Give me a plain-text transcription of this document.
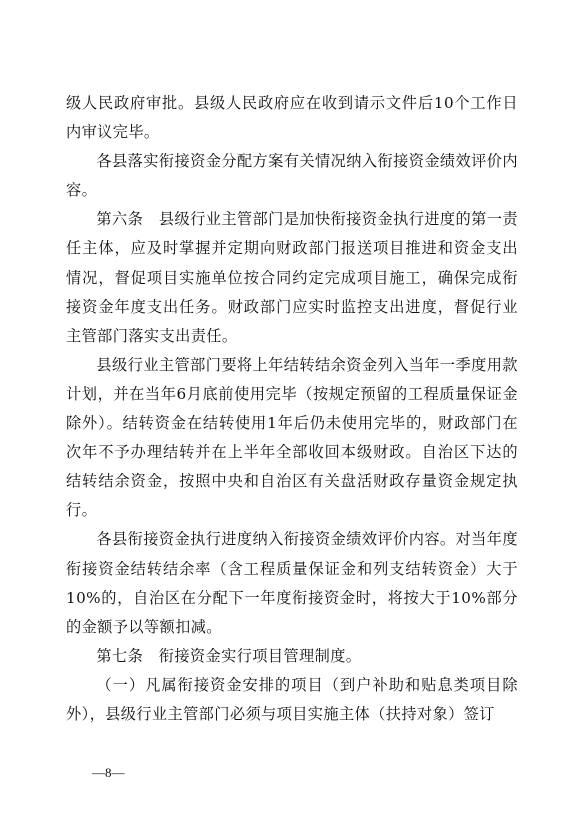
级人民政府审批。县级人民政府应在收到请示文件后10个工作日内审议完毕。

各县落实衔接资金分配方案有关情况纳入衔接资金绩效评价内容。

第六条　县级行业主管部门是加快衔接资金执行进度的第一责任主体，应及时掌握并定期向财政部门报送项目推进和资金支出情况，督促项目实施单位按合同约定完成项目施工，确保完成衔接资金年度支出任务。财政部门应实时监控支出进度，督促行业主管部门落实支出责任。

县级行业主管部门要将上年结转结余资金列入当年一季度用款计划，并在当年6月底前使用完毕（按规定预留的工程质量保证金除外）。结转资金在结转使用1年后仍未使用完毕的，财政部门在次年不予办理结转并在上半年全部收回本级财政。自治区下达的结转结余资金，按照中央和自治区有关盘活财政存量资金规定执行。

各县衔接资金执行进度纳入衔接资金绩效评价内容。对当年度衔接资金结转结余率（含工程质量保证金和列支结转资金）大于10%的，自治区在分配下一年度衔接资金时，将按大于10%部分的金额予以等额扣减。

第七条　衔接资金实行项目管理制度。

（一）凡属衔接资金安排的项目（到户补助和贴息类项目除外），县级行业主管部门必须与项目实施主体（扶持对象）签订

—8—
